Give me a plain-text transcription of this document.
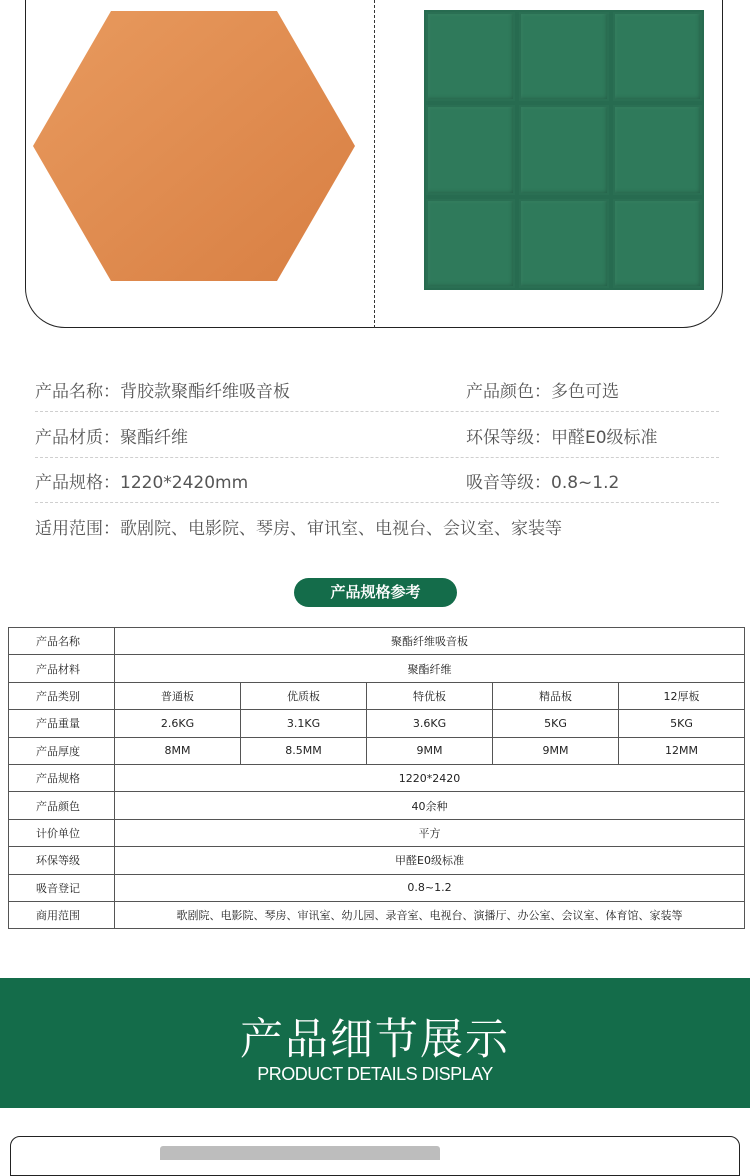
产品名称：背胶款聚酯纤维吸音板	产品颜色：多色可选
产品材质：聚酯纤维	环保等级：甲醛E0级标准
产品规格：1220*2420mm	吸音等级：0.8~1.2
适用范围：歌剧院、电影院、琴房、审讯室、电视台、会议室、家装等
产品规格参考
产品名称	聚酯纤维吸音板				
产品材料	聚酯纤维				
产品类别	普通板	优质板	特优板	精品板	12厚板
产品重量	2.6KG	3.1KG	3.6KG	5KG	5KG
产品厚度	8MM	8.5MM	9MM	9MM	12MM
产品规格	1220*2420				
产品颜色	40余种				
计价单位	平方				
环保等级	甲醛E0级标准				
吸音登记	0.8~1.2				
商用范围	歌剧院、电影院、琴房、审讯室、幼儿园、录音室、电视台、演播厅、办公室、会议室、体育馆、家装等				
产品细节展示
PRODUCT DETAILS DISPLAY
